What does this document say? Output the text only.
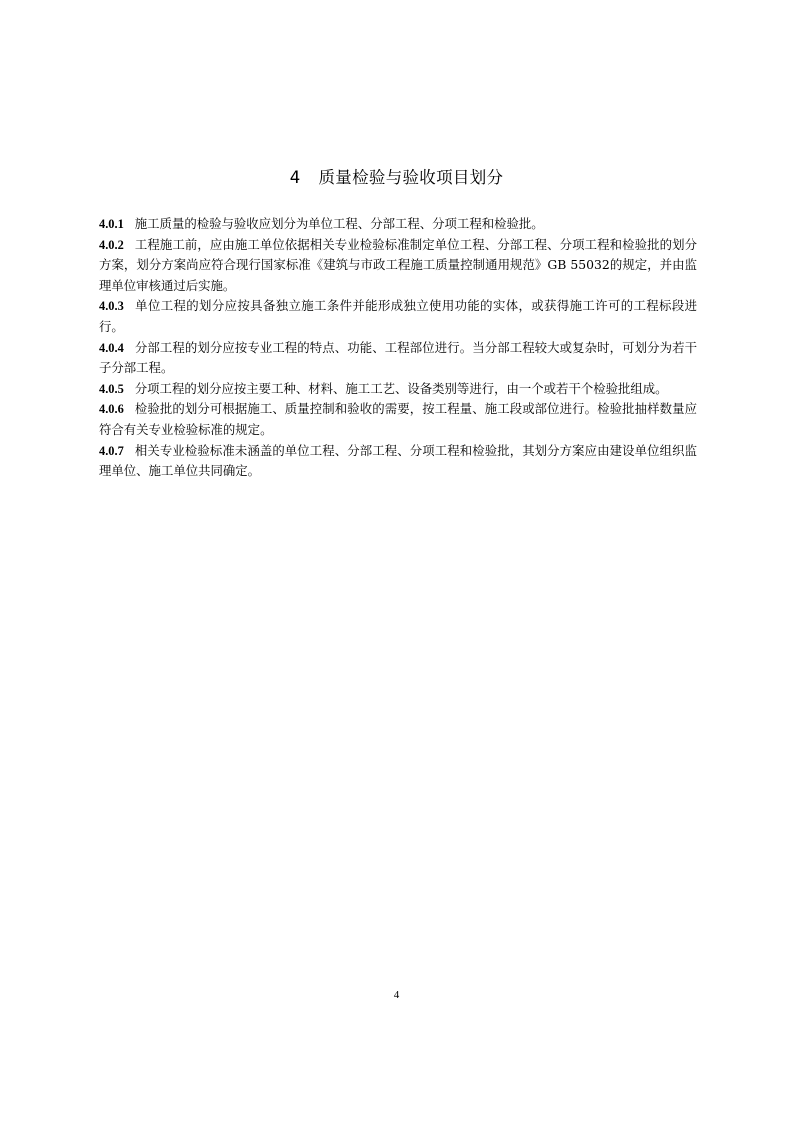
4 质量检验与验收项目划分
4.0.1 施工质量的检验与验收应划分为单位工程、分部工程、分项工程和检验批。
4.0.2 工程施工前，应由施工单位依据相关专业检验标准制定单位工程、分部工程、分项工程和检验批的划分方案，划分方案尚应符合现行国家标准《建筑与市政工程施工质量控制通用规范》GB 55032的规定，并由监理单位审核通过后实施。
4.0.3 单位工程的划分应按具备独立施工条件并能形成独立使用功能的实体，或获得施工许可的工程标段进行。
4.0.4 分部工程的划分应按专业工程的特点、功能、工程部位进行。当分部工程较大或复杂时，可划分为若干子分部工程。
4.0.5 分项工程的划分应按主要工种、材料、施工工艺、设备类别等进行，由一个或若干个检验批组成。
4.0.6 检验批的划分可根据施工、质量控制和验收的需要，按工程量、施工段或部位进行。检验批抽样数量应符合有关专业检验标准的规定。
4.0.7 相关专业检验标准未涵盖的单位工程、分部工程、分项工程和检验批，其划分方案应由建设单位组织监理单位、施工单位共同确定。
4
